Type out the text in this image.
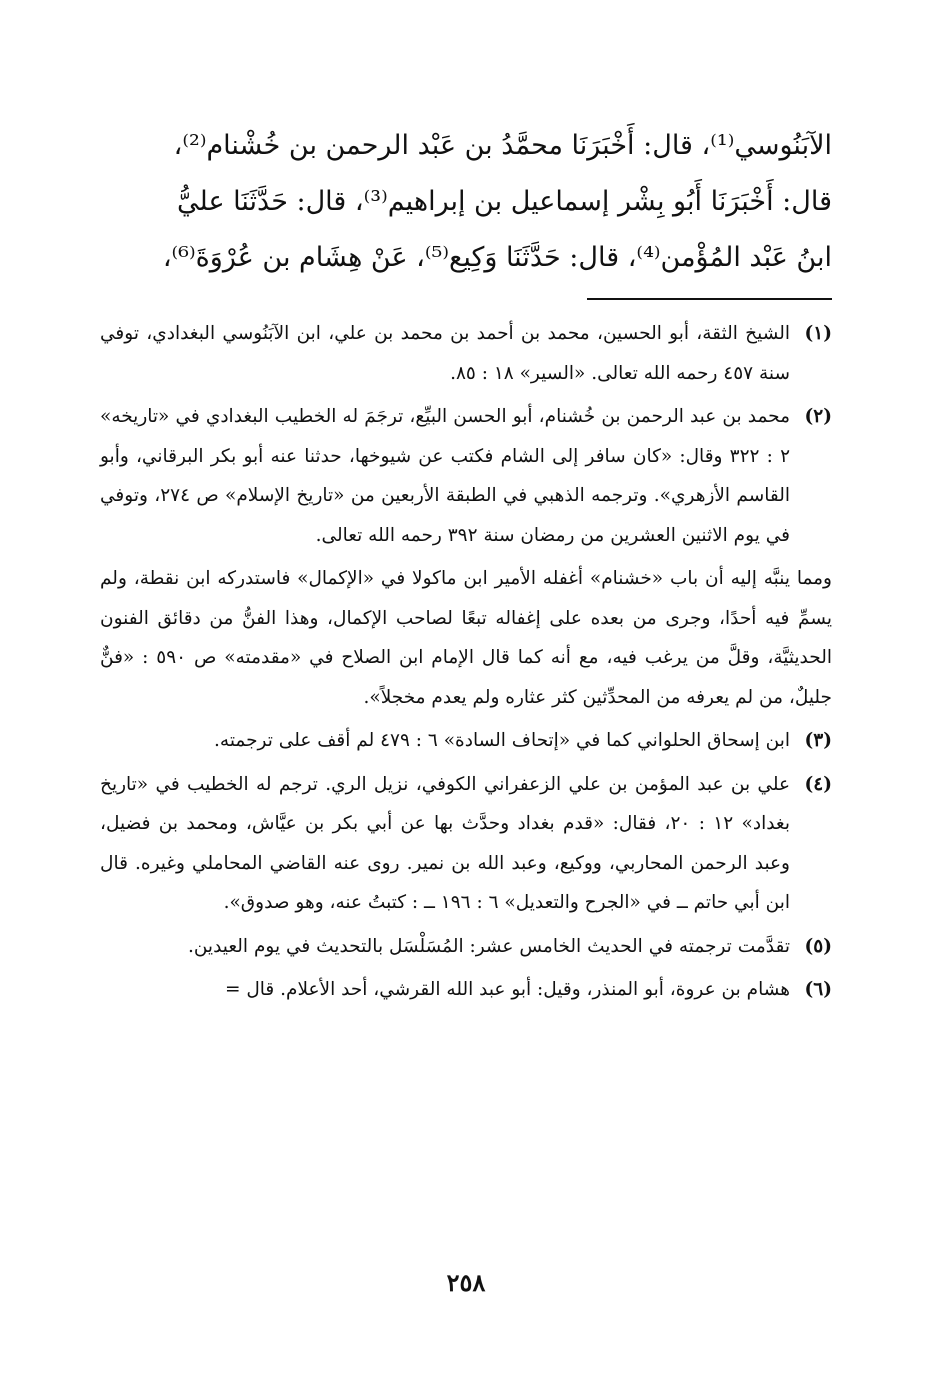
الآبَنُوسي⁽¹⁾، قال: أَخْبَرَنَا محمَّدُ بن عَبْد الرحمن بن خُشْنام⁽²⁾،
قال: أَخْبَرَنَا أَبُو بِشْر إسماعيل بن إبراهيم⁽³⁾، قال: حَدَّثَنَا عليُّ
ابنُ عَبْد المُؤْمن⁽⁴⁾، قال: حَدَّثَنَا وَكِيع⁽⁵⁾، عَنْ هِشَام بن عُرْوَةَ⁽⁶⁾،
(١)
الشيخ الثقة، أبو الحسين، محمد بن أحمد بن محمد بن علي، ابن الآبَنُوسي البغدادي، توفي سنة ٤٥٧ رحمه الله تعالى. «السير» ١٨ : ٨٥.
(٢)
محمد بن عبد الرحمن بن خُشنام، أبو الحسن البيِّع، ترجَمَ له الخطيب البغدادي في «تاريخه» ٢ : ٣٢٢ وقال: «كان سافر إلى الشام فكتب عن شيوخها، حدثنا عنه أبو بكر البرقاني، وأبو القاسم الأزهري». وترجمه الذهبي في الطبقة الأربعين من «تاريخ الإسلام» ص ٢٧٤، وتوفي في يوم الاثنين العشرين من رمضان سنة ٣٩٢ رحمه الله تعالى.
ومما ينبَّه إليه أن باب «خشنام» أغفله الأمير ابن ماكولا في «الإكمال» فاستدركه ابن نقطة، ولم يسمِّ فيه أحدًا، وجرى من بعده على إغفاله تبعًا لصاحب الإكمال، وهذا الفنُّ من دقائق الفنون الحديثيَّة، وقلَّ من يرغب فيه، مع أنه كما قال الإمام ابن الصلاح في «مقدمته» ص ٥٩٠ : «فنٌّ جليلٌ، من لم يعرفه من المحدِّثين كثر عثاره ولم يعدم مخجلاً».
(٣)
ابن إسحاق الحلواني كما في «إتحاف السادة» ٦ : ٤٧٩ لم أقف على ترجمته.
(٤)
علي بن عبد المؤمن بن علي الزعفراني الكوفي، نزيل الري. ترجم له الخطيب في «تاريخ بغداد» ١٢ : ٢٠، فقال: «قدم بغداد وحدَّث بها عن أبي بكر بن عيَّاش، ومحمد بن فضيل، وعبد الرحمن المحاربي، ووكيع، وعبد الله بن نمير. روى عنه القاضي المحاملي وغيره. قال ابن أبي حاتم ــ في «الجرح والتعديل» ٦ : ١٩٦ ــ : كتبتُ عنه، وهو صدوق».
(٥)
تقدَّمت ترجمته في الحديث الخامس عشر: المُسَلْسَل بالتحديث في يوم العيدين.
(٦)
هشام بن عروة، أبو المنذر، وقيل: أبو عبد الله القرشي، أحد الأعلام. قال =
٢٥٨
